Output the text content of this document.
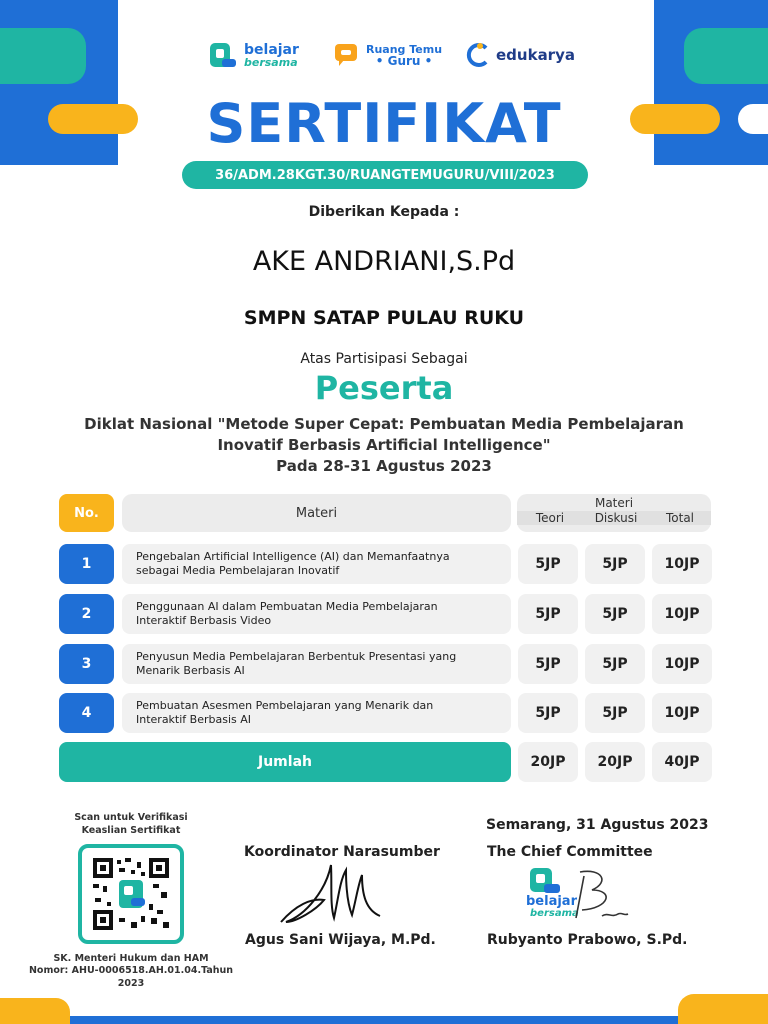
belajar
bersama
Ruang Temu
• Guru •	edukarya
SERTIFIKAT
36/ADM.28KGT.30/RUANGTEMUGURU/VIII/2023
Diberikan Kepada :
AKE ANDRIANI,S.Pd
SMPN SATAP PULAU RUKU
Atas Partisipasi Sebagai
Peserta
Diklat Nasional "Metode Super Cepat: Pembuatan Media Pembelajaran
Inovatif Berbasis Artificial Intelligence"
Pada 28-31 Agustus 2023
No.	Materi
Materi
Teori	Diskusi	Total
1	Pengebalan Artificial Intelligence (AI) dan Memanfaatnya
sebagai Media Pembelajaran Inovatif	5JP	5JP	10JP
2	Penggunaan AI dalam Pembuatan Media Pembelajaran
Interaktif Berbasis Video	5JP	5JP	10JP
3	Penyusun Media Pembelajaran Berbentuk Presentasi yang
Menarik Berbasis AI	5JP	5JP	10JP
4	Pembuatan Asesmen Pembelajaran yang Menarik dan
Interaktif Berbasis AI	5JP	5JP	10JP
Jumlah	20JP	20JP	40JP
Scan untuk Verifikasi
Keaslian Sertifikat
SK. Menteri Hukum dan HAM
Nomor: AHU-0006518.AH.01.04.Tahun
2023
Koordinator Narasumber
Agus Sani Wijaya, M.Pd.
Semarang, 31 Agustus 2023
The Chief Committee
belajar
bersama
Rubyanto Prabowo, S.Pd.
